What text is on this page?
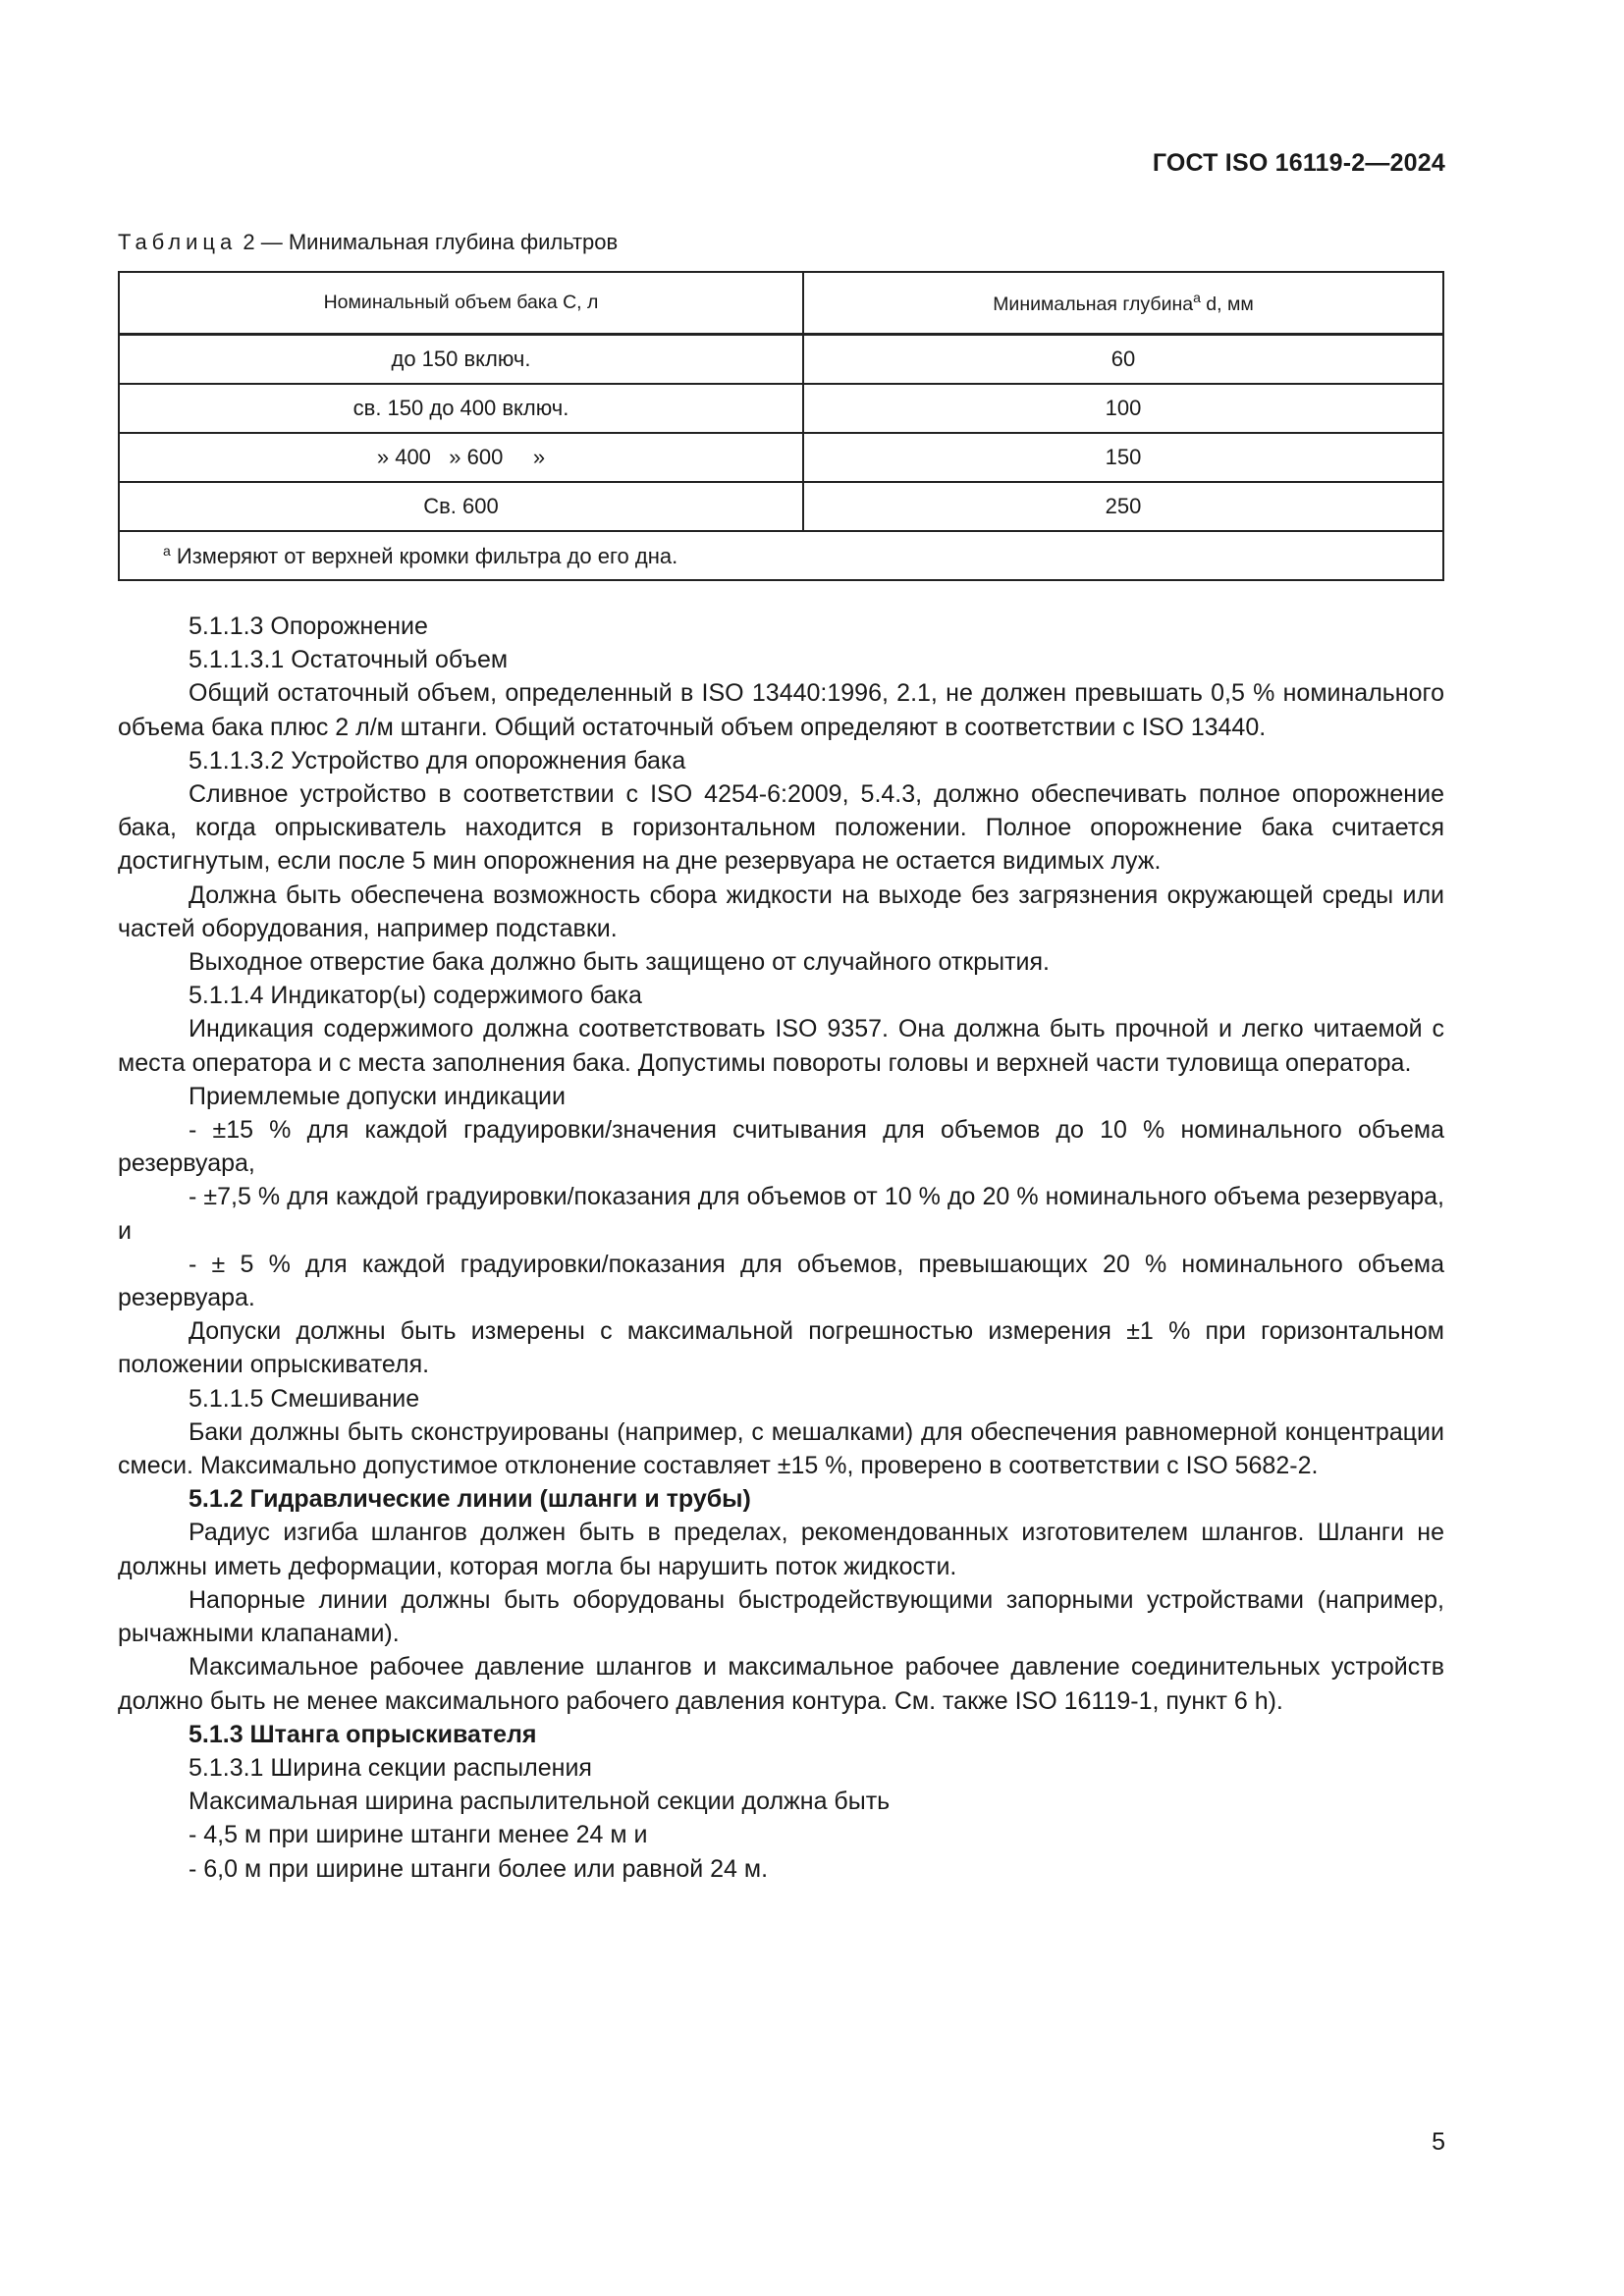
ГОСТ ISO 16119-2—2024
Таблица 2 — Минимальная глубина фильтров
Номинальный объем бака C, л	Минимальная глубина$^а$ d, мм
до 150 включ.	60
св. 150 до 400 включ.	100
» 400   » 600     »	150
Св. 600	250
$^а$ Измеряют от верхней кромки фильтра до его дна.	

5.1.1.3 Опорожнение

5.1.1.3.1 Остаточный объем

Общий остаточный объем, определенный в ISO 13440:1996, 2.1, не должен превышать 0,5 % номинального объема бака плюс 2 л/м штанги. Общий остаточный объем определяют в соответствии с ISO 13440.

5.1.1.3.2 Устройство для опорожнения бака

Сливное устройство в соответствии с ISO 4254-6:2009, 5.4.3, должно обеспечивать полное опорожнение бака, когда опрыскиватель находится в горизонтальном положении. Полное опорожнение бака считается достигнутым, если после 5 мин опорожнения на дне резервуара не остается видимых луж.

Должна быть обеспечена возможность сбора жидкости на выходе без загрязнения окружающей среды или частей оборудования, например подставки.

Выходное отверстие бака должно быть защищено от случайного открытия.

5.1.1.4 Индикатор(ы) содержимого бака

Индикация содержимого должна соответствовать ISO 9357. Она должна быть прочной и легко читаемой с места оператора и с места заполнения бака. Допустимы повороты головы и верхней части туловища оператора.

Приемлемые допуски индикации

- ±15 % для каждой градуировки/значения считывания для объемов до 10 % номинального объема резервуара,

- ±7,5 % для каждой градуировки/показания для объемов от 10 % до 20 % номинального объема резервуара, и

- ± 5 % для каждой градуировки/показания для объемов, превышающих 20 % номинального объема резервуара.

Допуски должны быть измерены с максимальной погрешностью измерения ±1 % при горизонтальном положении опрыскивателя.

5.1.1.5 Смешивание

Баки должны быть сконструированы (например, с мешалками) для обеспечения равномерной концентрации смеси. Максимально допустимое отклонение составляет ±15 %, проверено в соответствии с ISO 5682-2.

5.1.2 Гидравлические линии (шланги и трубы)

Радиус изгиба шлангов должен быть в пределах, рекомендованных изготовителем шлангов. Шланги не должны иметь деформации, которая могла бы нарушить поток жидкости.

Напорные линии должны быть оборудованы быстродействующими запорными устройствами (например, рычажными клапанами).

Максимальное рабочее давление шлангов и максимальное рабочее давление соединительных устройств должно быть не менее максимального рабочего давления контура. См. также ISO 16119-1, пункт 6 h).

5.1.3 Штанга опрыскивателя

5.1.3.1 Ширина секции распыления

Максимальная ширина распылительной секции должна быть

- 4,5 м при ширине штанги менее 24 м и

- 6,0 м при ширине штанги более или равной 24 м.

5
